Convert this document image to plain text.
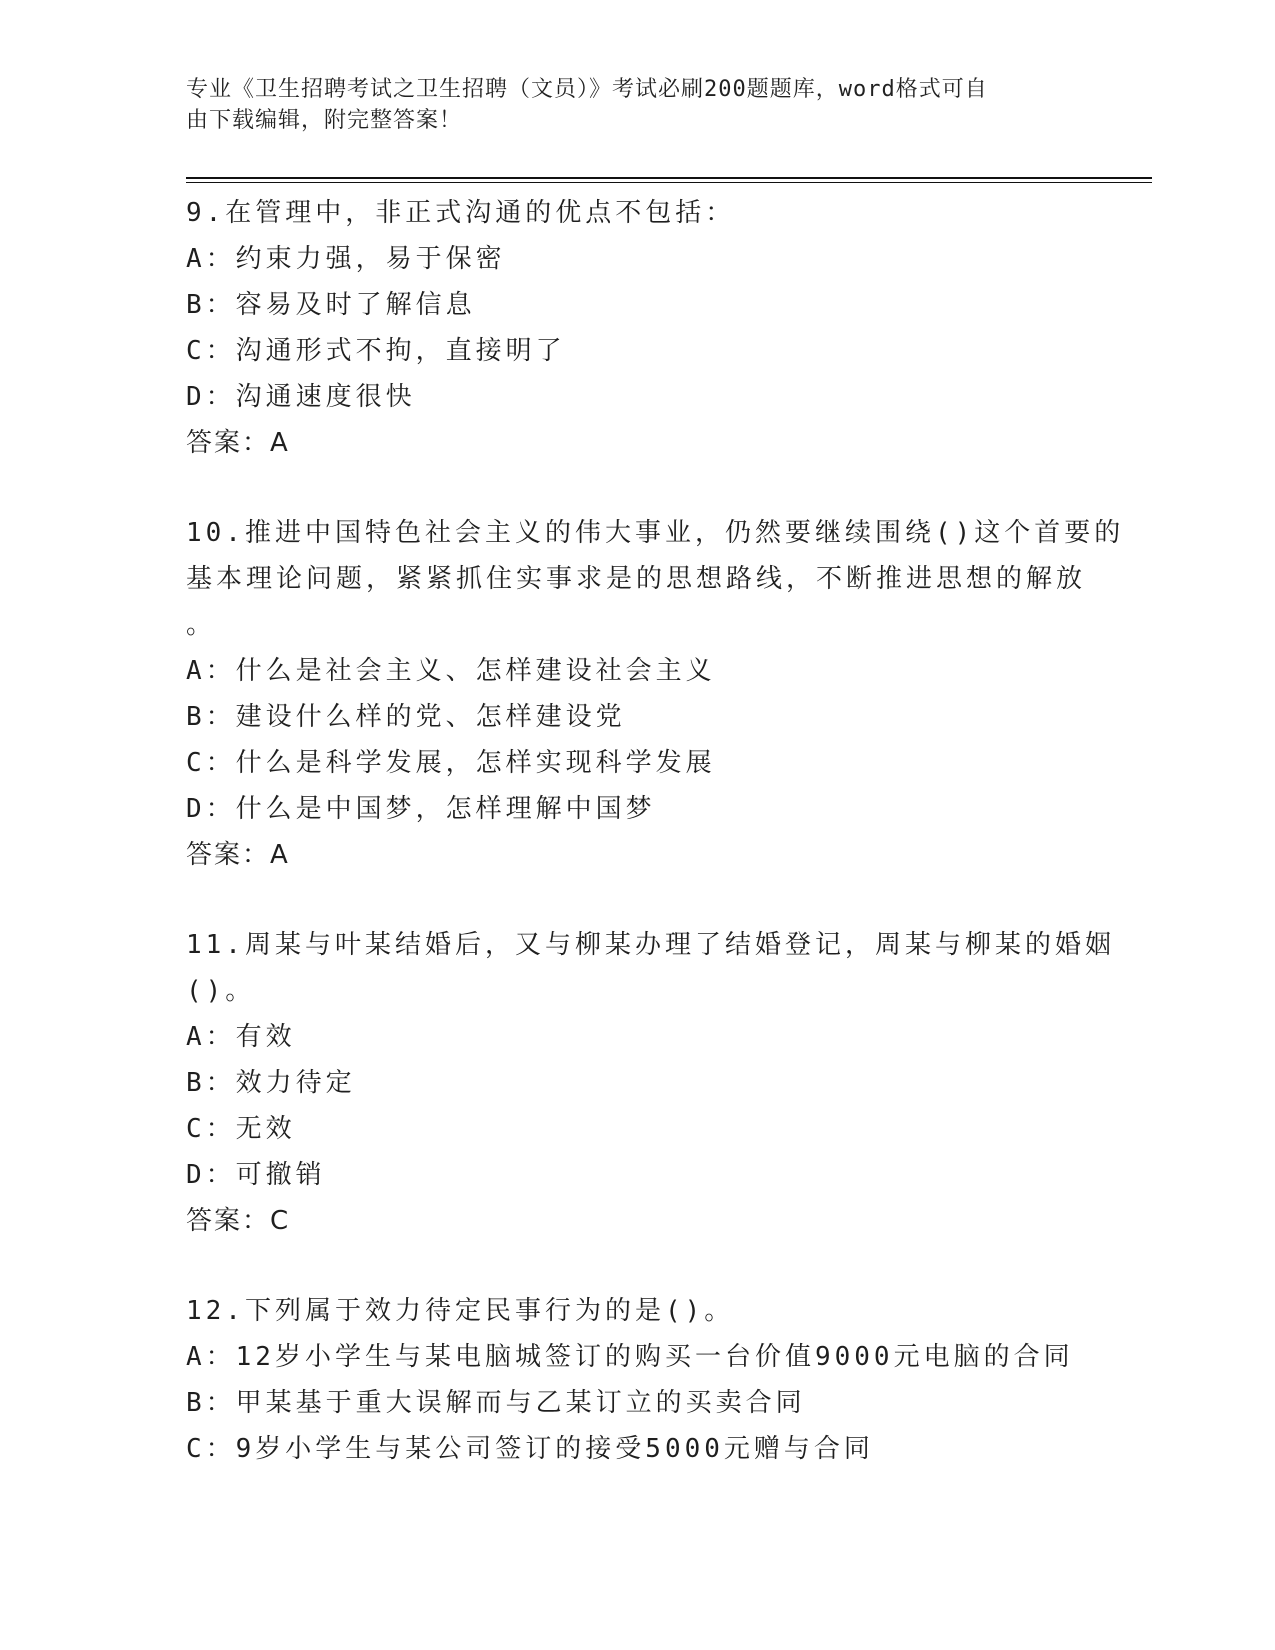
专业《卫生招聘考试之卫生招聘（文员）》考试必刷200题题库，word格式可自
由下载编辑，附完整答案！
9.在管理中，非正式沟通的优点不包括：
A：约束力强，易于保密
B：容易及时了解信息
C：沟通形式不拘，直接明了
D：沟通速度很快
答案：A
10.推进中国特色社会主义的伟大事业，仍然要继续围绕()这个首要的
基本理论问题，紧紧抓住实事求是的思想路线，不断推进思想的解放
。
A：什么是社会主义、怎样建设社会主义
B：建设什么样的党、怎样建设党
C：什么是科学发展，怎样实现科学发展
D：什么是中国梦，怎样理解中国梦
答案：A
11.周某与叶某结婚后，又与柳某办理了结婚登记，周某与柳某的婚姻
()。
A：有效
B：效力待定
C：无效
D：可撤销
答案：C
12.下列属于效力待定民事行为的是()。
A：12岁小学生与某电脑城签订的购买一台价值9000元电脑的合同
B：甲某基于重大误解而与乙某订立的买卖合同
C：9岁小学生与某公司签订的接受5000元赠与合同
